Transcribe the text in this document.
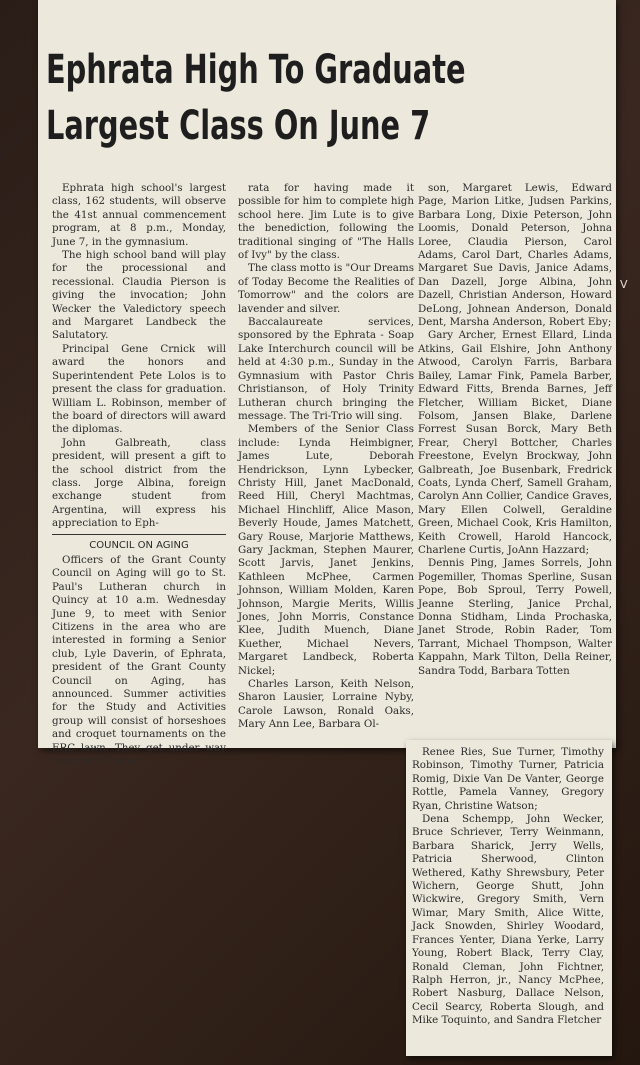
Ephrata High To Graduate
Largest Class On June 7

Ephrata high school's largest class, 162 students, will observe the 41st annual commencement program, at 8 p.m., Monday, June 7, in the gymnasium.

The high school band will play for the processional and recessional. Claudia Pierson is giving the invocation; John Wecker the Valedictory speech and Margaret Landbeck the Salutatory.

Principal Gene Crnick will award the honors and Superintendent Pete Lolos is to present the class for graduation. William L. Robinson, member of the board of directors will award the diplomas.

John Galbreath, class president, will present a gift to the school district from the class. Jorge Albina, foreign exchange student from Argentina, will express his appreciation to Eph-

COUNCIL ON AGING

Officers of the Grant County Council on Aging will go to St. Paul's Lutheran church in Quincy at 10 a.m. Wednesday June 9, to meet with Senior Citizens in the area who are interested in forming a Senior club, Lyle Daverin, of Ephrata, president of the Grant County Council on Aging, has announced. Summer activities for the Study and Activities group will consist of horseshoes and croquet tournaments on the ERC lawn. They get under way today at 10 a.m.

rata for having made it possible for him to complete high school here. Jim Lute is to give the benediction, following the traditional singing of "The Halls of Ivy" by the class.

The class motto is "Our Dreams of Today Become the Realities of Tomorrow" and the colors are lavender and silver.

Baccalaureate services, sponsored by the Ephrata - Soap Lake Interchurch council will be held at 4:30 p.m., Sunday in the Gymnasium with Pastor Chris Christianson, of Holy Trinity Lutheran church bringing the message. The Tri-Trio will sing.

Members of the Senior Class include: Lynda Heimbigner, James Lute, Deborah Hendrickson, Lynn Lybecker, Christy Hill, Janet MacDonald, Reed Hill, Cheryl Machtmas, Michael Hinchliff, Alice Mason, Beverly Houde, James Matchett, Gary Rouse, Marjorie Matthews, Gary Jackman, Stephen Maurer, Scott Jarvis, Janet Jenkins, Kathleen McPhee, Carmen Johnson, William Molden, Karen Johnson, Margie Merits, Willis Jones, John Morris, Constance Klee, Judith Muench, Diane Kuether, Michael Nevers, Margaret Landbeck, Roberta Nickel;

Charles Larson, Keith Nelson, Sharon Lausier, Lorraine Nyby, Carole Lawson, Ronald Oaks, Mary Ann Lee, Barbara Ol-

son, Margaret Lewis, Edward Page, Marion Litke, Judsen Parkins, Barbara Long, Dixie Peterson, John Loomis, Donald Peterson, Johna Loree, Claudia Pierson, Carol Adams, Carol Dart, Charles Adams, Margaret Sue Davis, Janice Adams, Dan Dazell, Jorge Albina, John Dazell, Christian Anderson, Howard DeLong, Johnean Anderson, Donald Dent, Marsha Anderson, Robert Eby;

Gary Archer, Ernest Ellard, Linda Atkins, Gail Elshire, John Anthony Atwood, Carolyn Farris, Barbara Bailey, Lamar Fink, Pamela Barber, Edward Fitts, Brenda Barnes, Jeff Fletcher, William Bicket, Diane Folsom, Jansen Blake, Darlene Forrest Susan Borck, Mary Beth Frear, Cheryl Bottcher, Charles Freestone, Evelyn Brockway, John Galbreath, Joe Busenbark, Fredrick Coats, Lynda Cherf, Samell Graham, Carolyn Ann Collier, Candice Graves, Mary Ellen Colwell, Geraldine Green, Michael Cook, Kris Hamilton, Keith Crowell, Harold Hancock, Charlene Curtis, JoAnn Hazzard;

Dennis Ping, James Sorrels, John Pogemiller, Thomas Sperline, Susan Pope, Bob Sproul, Terry Powell, Jeanne Sterling, Janice Prchal, Donna Stidham, Linda Prochaska, Janet Strode, Robin Rader, Tom Tarrant, Michael Thompson, Walter Kappahn, Mark Tilton, Della Reiner, Sandra Todd, Barbara Totten

Renee Ries, Sue Turner, Timothy Robinson, Timothy Turner, Patricia Romig, Dixie Van De Vanter, George Rottle, Pamela Vanney, Gregory Ryan, Christine Watson;

Dena Schempp, John Wecker, Bruce Schriever, Terry Weinmann, Barbara Sharick, Jerry Wells, Patricia Sherwood, Clinton Wethered, Kathy Shrewsbury, Peter Wichern, George Shutt, John Wickwire, Gregory Smith, Vern Wimar, Mary Smith, Alice Witte, Jack Snowden, Shirley Woodard, Frances Yenter, Diana Yerke, Larry Young, Robert Black, Terry Clay, Ronald Cleman, John Fichtner, Ralph Herron, jr., Nancy McPhee, Robert Nasburg, Dallace Nelson, Cecil Searcy, Roberta Slough, and Mike Toquinto, and Sandra Fletcher

V
